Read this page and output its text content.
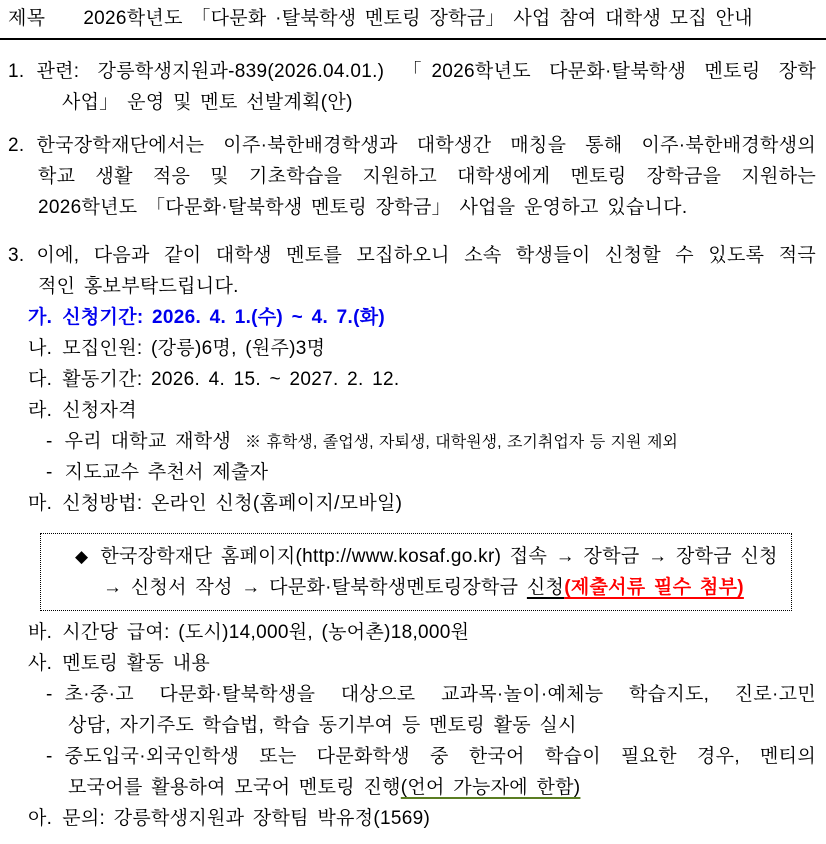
제목 2026학년도 「다문화 ·탈북학생 멘토링 장학금」 사업 참여 대학생 모집 안내
1. 관련: 강릉학생지원과-839(2026.04.01.) 「2026학년도 다문화·탈북학생 멘토링 장학
사업」 운영 및 멘토 선발계획(안)
2. 한국장학재단에서는 이주·북한배경학생과 대학생간 매칭을 통해 이주·북한배경학생의
학교 생활 적응 및 기초학습을 지원하고 대학생에게 멘토링 장학금을 지원하는
2026학년도 「다문화·탈북학생 멘토링 장학금」 사업을 운영하고 있습니다.
3. 이에, 다음과 같이 대학생 멘토를 모집하오니 소속 학생들이 신청할 수 있도록 적극
적인 홍보부탁드립니다.
가. 신청기간: 2026. 4. 1.(수) ~ 4. 7.(화)
나. 모집인원: (강릉)6명, (원주)3명
다. 활동기간: 2026. 4. 15. ~ 2027. 2. 12.
라. 신청자격
- 우리 대학교 재학생 ※ 휴학생, 졸업생, 자퇴생, 대학원생, 조기취업자 등 지원 제외
- 지도교수 추천서 제출자
마. 신청방법: 온라인 신청(홈페이지/모바일)
◆ 한국장학재단 홈페이지(http://www.kosaf.go.kr) 접속 → 장학금 → 장학금 신청
→ 신청서 작성 → 다문화·탈북학생멘토링장학금 신청(제출서류 필수 첨부)
바. 시간당 급여: (도시)14,000원, (농어촌)18,000원
사. 멘토링 활동 내용
- 초·중·고 다문화·탈북학생을 대상으로 교과목·놀이·예체능 학습지도, 진로·고민
상담, 자기주도 학습법, 학습 동기부여 등 멘토링 활동 실시
- 중도입국·외국인학생 또는 다문화학생 중 한국어 학습이 필요한 경우, 멘티의
모국어를 활용하여 모국어 멘토링 진행(언어 가능자에 한함)
아. 문의: 강릉학생지원과 장학팀 박유정(1569)
